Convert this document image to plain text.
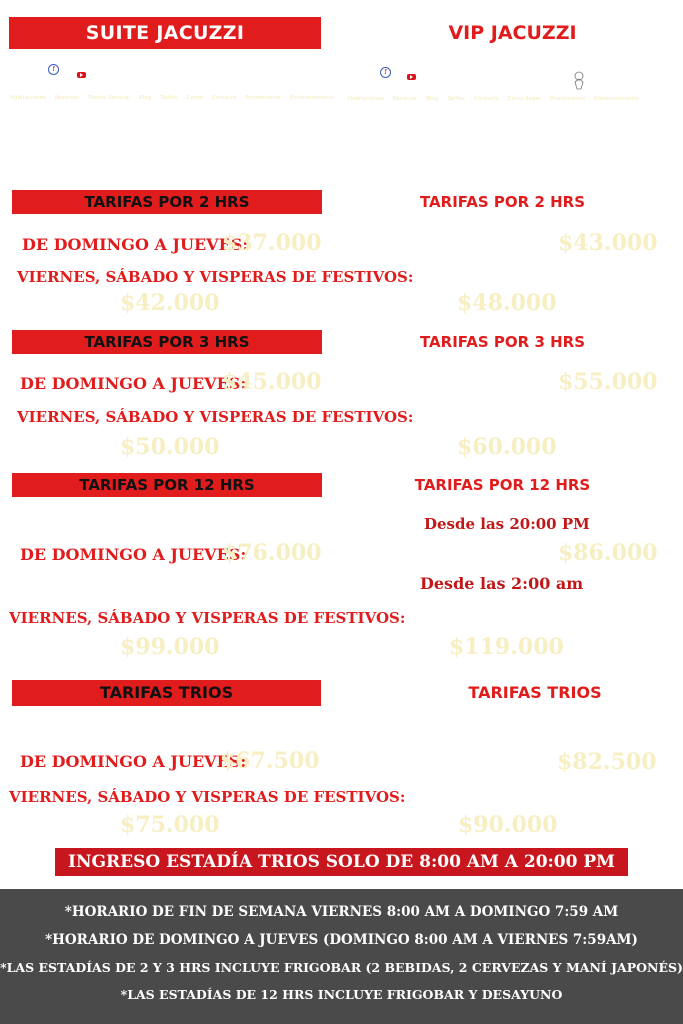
SUITE JACUZZI	VIP JACUZZI
f	f
Habitaciones Reservar Tienda Sensual Blog Tarifas Cómo Contacto Promociones Entretenimiento	Habitaciones Reservar Blog Tarifas Contacto Cómo llegar Promociones Entretenimiento
TARIFAS POR 2 HRS	TARIFAS POR 2 HRS
DE DOMINGO A JUEVES:
$37.000	$43.000
VIERNES, SÁBADO Y VISPERAS DE FESTIVOS:
$42.000	$48.000
TARIFAS POR 3 HRS	TARIFAS POR 3 HRS
DE DOMINGO A JUEVES:
$45.000	$55.000
VIERNES, SÁBADO Y VISPERAS DE FESTIVOS:
$50.000	$60.000
TARIFAS POR 12 HRS	TARIFAS POR 12 HRS
Desde las 20:00 PM
DE DOMINGO A JUEVES:
$76.000	$86.000
Desde las 2:00 am
VIERNES, SÁBADO Y VISPERAS DE FESTIVOS:
$99.000	$119.000
TARIFAS TRIOS	TARIFAS TRIOS
DE DOMINGO A JUEVES:
$67.500	$82.500
VIERNES, SÁBADO Y VISPERAS DE FESTIVOS:
$75.000	$90.000
INGRESO ESTADÍA TRIOS SOLO DE 8:00 AM A 20:00 PM
*HORARIO DE FIN DE SEMANA VIERNES 8:00 AM A DOMINGO 7:59 AM
*HORARIO DE DOMINGO A JUEVES (DOMINGO 8:00 AM A VIERNES 7:59AM)
*LAS ESTADÍAS DE 2 Y 3 HRS INCLUYE FRIGOBAR (2 BEBIDAS, 2 CERVEZAS Y MANÍ JAPONÉS)
*LAS ESTADÍAS DE 12 HRS INCLUYE FRIGOBAR Y DESAYUNO
